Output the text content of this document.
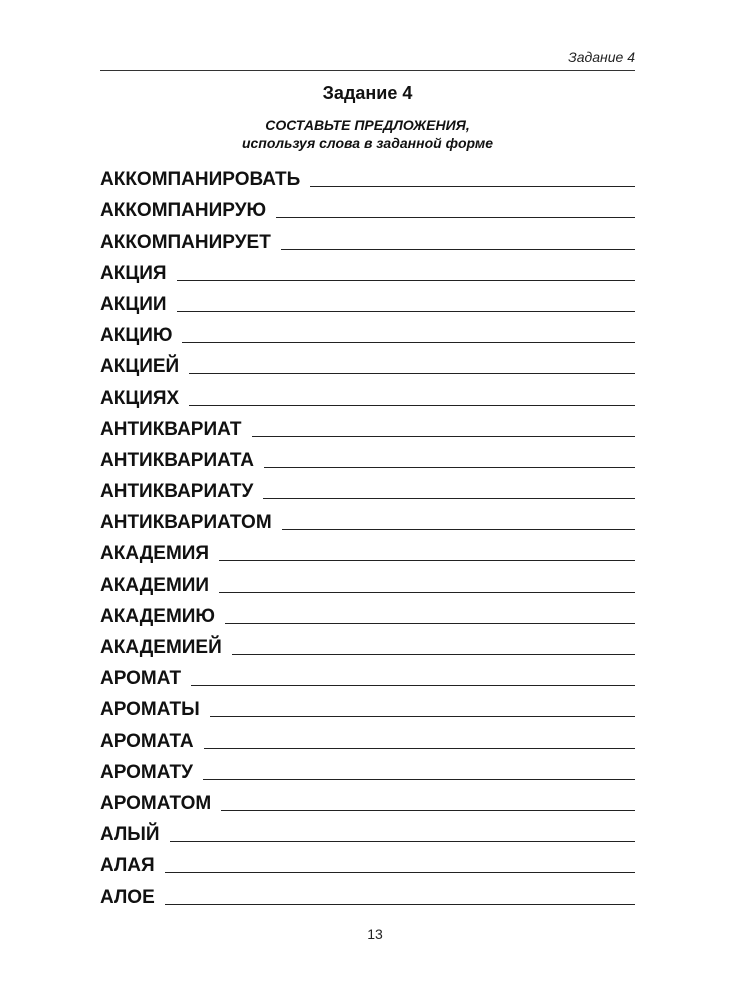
Задание 4
Задание 4
СОСТАВЬТЕ ПРЕДЛОЖЕНИЯ,
используя слова в заданной форме
АККОМПАНИРОВАТЬ
АККОМПАНИРУЮ
АККОМПАНИРУЕТ
АКЦИЯ
АКЦИИ
АКЦИЮ
АКЦИЕЙ
АКЦИЯХ
АНТИКВАРИАТ
АНТИКВАРИАТА
АНТИКВАРИАТУ
АНТИКВАРИАТОМ
АКАДЕМИЯ
АКАДЕМИИ
АКАДЕМИЮ
АКАДЕМИЕЙ
АРОМАТ
АРОМАТЫ
АРОМАТА
АРОМАТУ
АРОМАТОМ
АЛЫЙ
АЛАЯ
АЛОЕ
13
